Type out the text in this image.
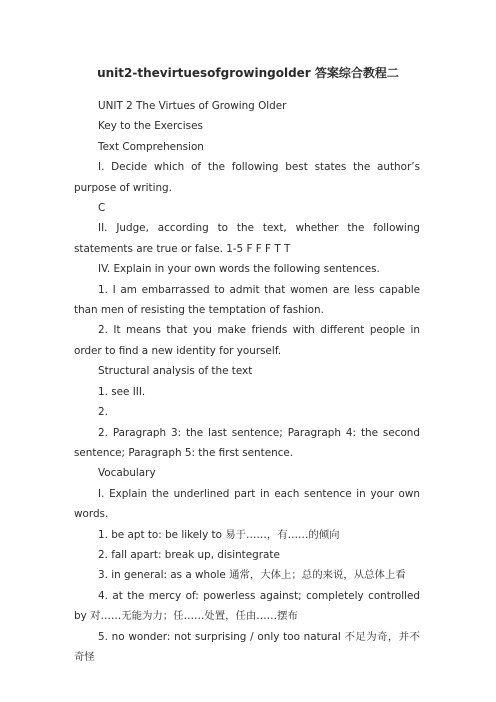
unit2-thevirtuesofgrowingolder 答案综合教程二

UNIT 2 The Virtues of Growing Older

Key to the Exercises

Text Comprehension

I. Decide which of the following best states the author’s purpose of writing.

C

II. Judge, according to the text, whether the following statements are true or false. 1-5 F F F T T

IV. Explain in your own words the following sentences.

1. I am embarrassed to admit that women are less capable than men of resisting the temptation of fashion.

2. It means that you make friends with different people in order to find a new identity for yourself.

Structural analysis of the text

1. see III.

2.

2. Paragraph 3: the last sentence; Paragraph 4: the second sentence; Paragraph 5: the first sentence.

Vocabulary

I. Explain the underlined part in each sentence in your own words.

1. be apt to: be likely to 易于……，有……的倾向

2. fall apart: break up, disintegrate

3. in general: as a whole 通常，大体上；总的来说，从总体上看

4. at the mercy of: powerless against; completely controlled by 对……无能为力；任……处置，任由……摆布

5. no wonder: not surprising / only too natural 不足为奇，并不奇怪
